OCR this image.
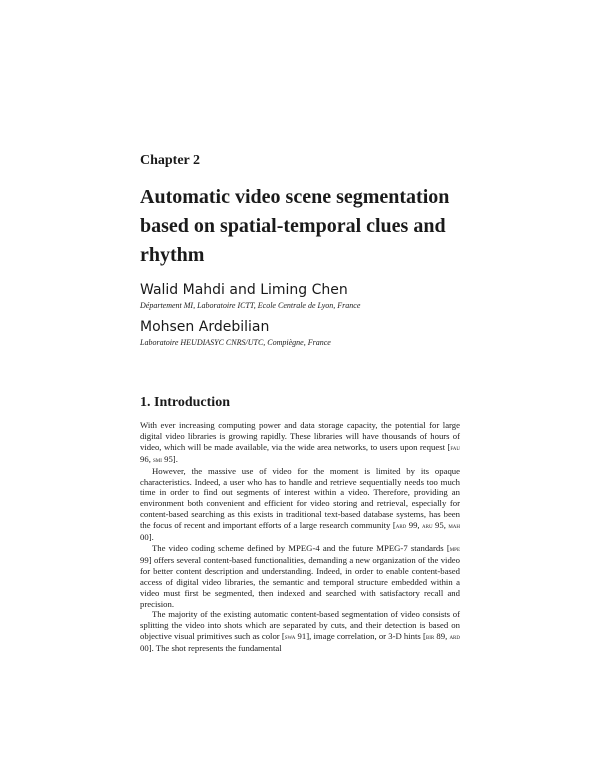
Chapter 2
Automatic video scene segmentation based on spatial-temporal clues and rhythm
Walid Mahdi and Liming Chen
Département MI, Laboratoire ICTT, Ecole Centrale de Lyon, France
Mohsen Ardebilian
Laboratoire HEUDIASYC CNRS/UTC, Compiègne, France
1. Introduction

With ever increasing computing power and data storage capacity, the potential for large digital video libraries is growing rapidly. These libraries will have thousands of hours of video, which will be made available, via the wide area networks, to users upon request [fau 96, smi 95].

However, the massive use of video for the moment is limited by its opaque characteristics. Indeed, a user who has to handle and retrieve sequentially needs too much time in order to find out segments of interest within a video. Therefore, providing an environment both convenient and efficient for video storing and retrieval, especially for content-based searching as this exists in traditional text-based database systems, has been the focus of recent and important efforts of a large research community [ard 99, aru 95, mah 00].

The video coding scheme defined by MPEG-4 and the future MPEG-7 standards [mpe 99] offers several content-based functionalities, demanding a new organization of the video for better content description and understanding. Indeed, in order to enable content-based access of digital video libraries, the semantic and temporal structure embedded within a video must first be segmented, then indexed and searched with satisfactory recall and precision.

The majority of the existing automatic content-based segmentation of video consists of splitting the video into shots which are separated by cuts, and their detection is based on objective visual primitives such as color [swa 91], image correlation, or 3-D hints [bir 89, ard 00]. The shot represents the fundamental
